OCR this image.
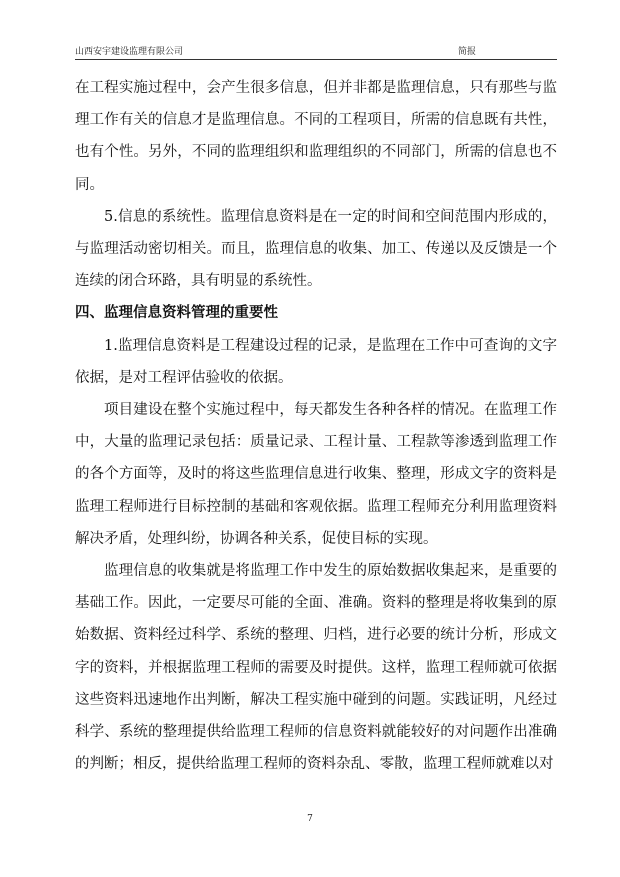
山西安宇建设监理有限公司	简报

在工程实施过程中，会产生很多信息，但并非都是监理信息，只有那些与监理工作有关的信息才是监理信息。不同的工程项目，所需的信息既有共性，也有个性。另外，不同的监理组织和监理组织的不同部门，所需的信息也不同。

5.信息的系统性。监理信息资料是在一定的时间和空间范围内形成的，与监理活动密切相关。而且，监理信息的收集、加工、传递以及反馈是一个连续的闭合环路，具有明显的系统性。

四、监理信息资料管理的重要性

1.监理信息资料是工程建设过程的记录，是监理在工作中可查询的文字依据，是对工程评估验收的依据。

项目建设在整个实施过程中，每天都发生各种各样的情况。在监理工作中，大量的监理记录包括：质量记录、工程计量、工程款等渗透到监理工作的各个方面等，及时的将这些监理信息进行收集、整理，形成文字的资料是监理工程师进行目标控制的基础和客观依据。监理工程师充分利用监理资料解决矛盾，处理纠纷，协调各种关系，促使目标的实现。

监理信息的收集就是将监理工作中发生的原始数据收集起来，是重要的基础工作。因此，一定要尽可能的全面、准确。资料的整理是将收集到的原始数据、资料经过科学、系统的整理、归档，进行必要的统计分析，形成文字的资料，并根据监理工程师的需要及时提供。这样，监理工程师就可依据这些资料迅速地作出判断，解决工程实施中碰到的问题。实践证明，凡经过科学、系统的整理提供给监理工程师的信息资料就能较好的对问题作出准确的判断；相反，提供给监理工程师的资料杂乱、零散，监理工程师就难以对

7
